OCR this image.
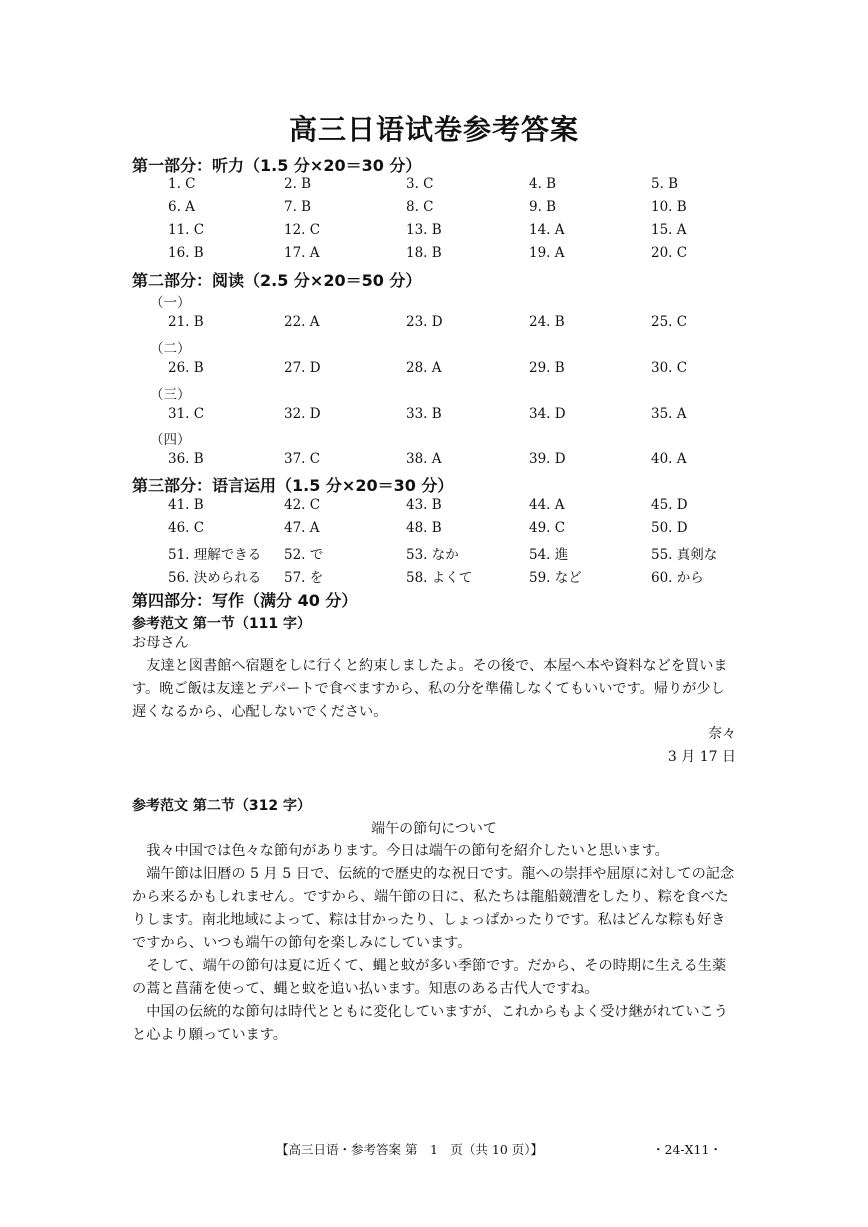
高三日语试卷参考答案
第一部分：听力（1.5 分×20＝30 分）
1. C	2. B	3. C	4. B	5. B
6. A	7. B	8. C	9. B	10. B
11. C	12. C	13. B	14. A	15. A
16. B	17. A	18. B	19. A	20. C
第二部分：阅读（2.5 分×20＝50 分）
（一）
21. B	22. A	23. D	24. B	25. C
（二）
26. B	27. D	28. A	29. B	30. C
（三）
31. C	32. D	33. B	34. D	35. A
（四）
36. B	37. C	38. A	39. D	40. A
第三部分：语言运用（1.5 分×20＝30 分）
41. B	42. C	43. B	44. A	45. D
46. C	47. A	48. B	49. C	50. D
51. 理解できる 52. で	53. なか	54. 進	55. 真剣な
56. 決められる 57. を	58. よくて	59. など	60. から
第四部分：写作（满分 40 分）
参考范文 第一节（111 字）
お母さん

友達と図書館へ宿題をしに行くと約束しましたよ。その後で、本屋へ本や資料などを買います。晩ご飯は友達とデパートで食べますから、私の分を準備しなくてもいいです。帰りが少し遅くなるから、心配しないでください。

奈々
3 月 17 日
参考范文 第二节（312 字）
端午の節句について

我々中国では色々な節句があります。今日は端午の節句を紹介したいと思います。

端午節は旧暦の 5 月 5 日で、伝統的で歴史的な祝日です。龍への崇拝や屈原に対しての記念から来るかもしれません。ですから、端午節の日に、私たちは龍船競漕をしたり、粽を食べたりします。南北地域によって、粽は甘かったり、しょっぱかったりです。私はどんな粽も好きですから、いつも端午の節句を楽しみにしています。

そして、端午の節句は夏に近くて、蝿と蚊が多い季節です。だから、その時期に生える生薬の蒿と菖蒲を使って、蝿と蚊を追い払います。知恵のある古代人ですね。

中国の伝統的な節句は時代とともに変化していますが、これからもよく受け継がれていこうと心より願っています。

【高三日语・参考答案 第　1　页（共 10 页）】	・24-X11・
